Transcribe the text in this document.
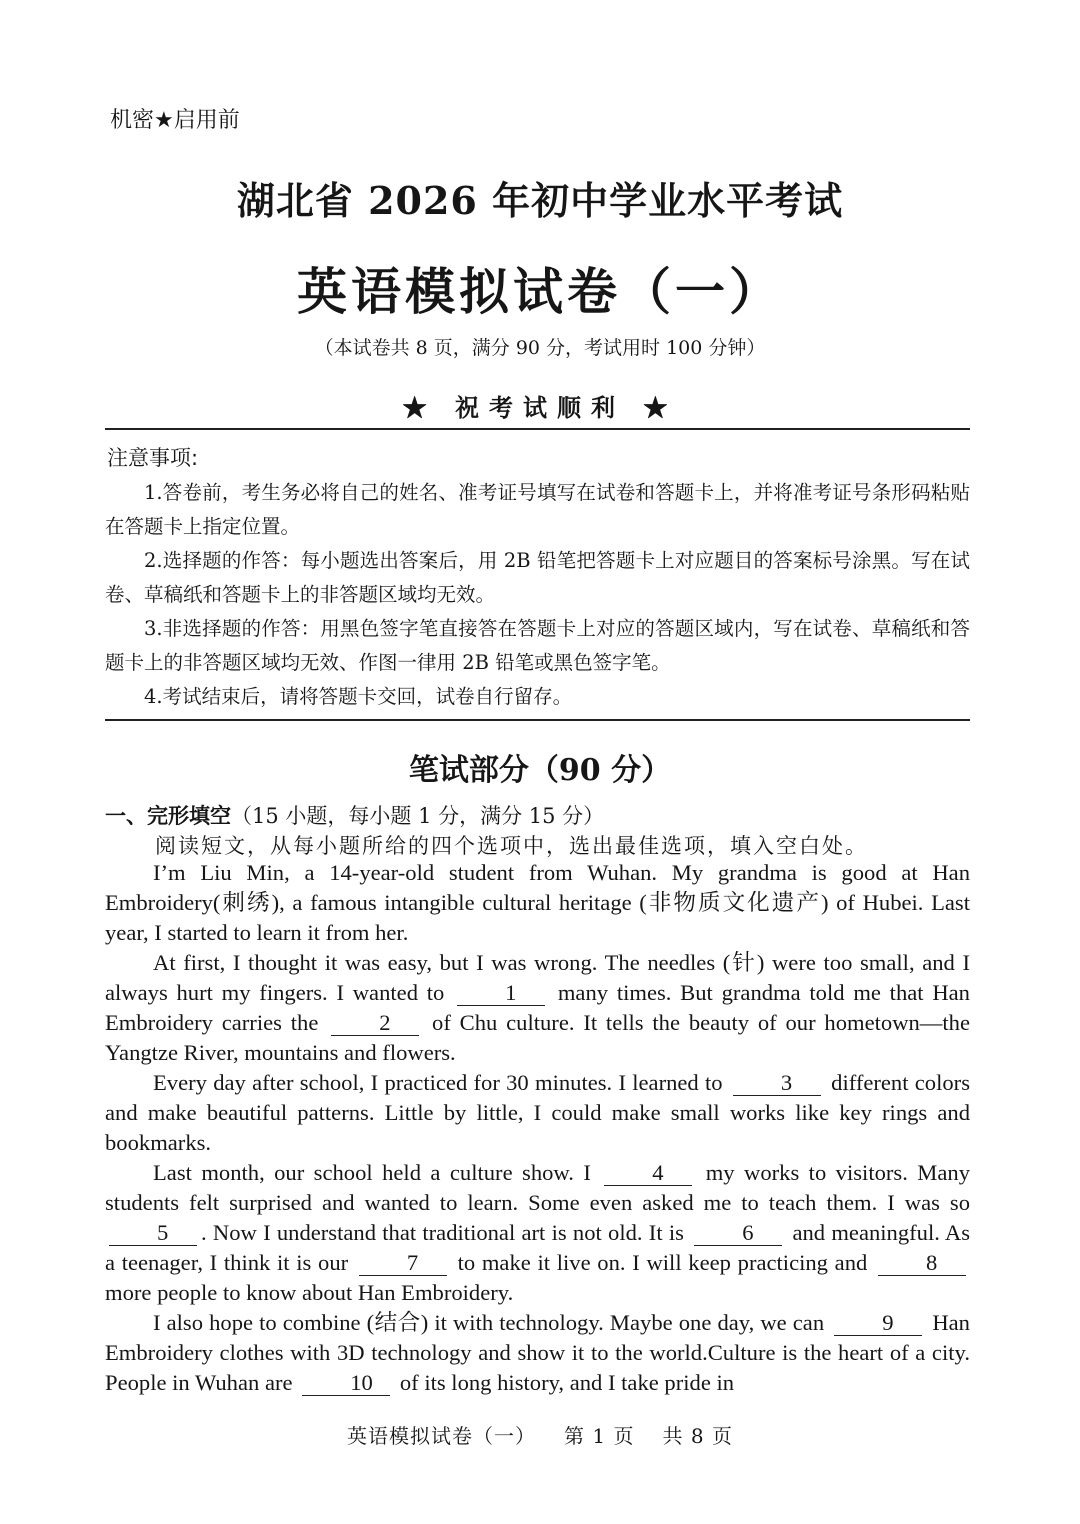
机密★启用前
湖北省 2026 年初中学业水平考试
英语模拟试卷（一）
（本试卷共 8 页，满分 90 分，考试用时 100 分钟）
★ 祝考试顺利 ★
注意事项:

1.答卷前，考生务必将自己的姓名、准考证号填写在试卷和答题卡上，并将准考证号条形码粘贴在答题卡上指定位置。

2.选择题的作答：每小题选出答案后，用 2B 铅笔把答题卡上对应题目的答案标号涂黑。写在试卷、草稿纸和答题卡上的非答题区域均无效。

3.非选择题的作答：用黑色签字笔直接答在答题卡上对应的答题区域内，写在试卷、草稿纸和答题卡上的非答题区域均无效、作图一律用 2B 铅笔或黑色签字笔。

4.考试结束后，请将答题卡交回，试卷自行留存。

笔试部分（90 分）
一、完形填空（15 小题，每小题 1 分，满分 15 分）
阅读短文，从每小题所给的四个选项中，选出最佳选项，填入空白处。

I’m Liu Min, a 14-year-old student from Wuhan. My grandma is good at Han Embroidery(刺绣), a famous intangible cultural heritage (非物质文化遗产) of Hubei. Last year, I started to learn it from her.

At first, I thought it was easy, but I was wrong. The needles (针) were too small, and I always hurt my fingers. I wanted to	1 many times. But grandma told me that Han Embroidery carries the	2 of Chu culture. It tells the beauty of our hometown—the Yangtze River, mountains and flowers.

Every day after school, I practiced for 30 minutes. I learned to	3 different colors and make beautiful patterns. Little by little, I could make small works like key rings and bookmarks.

Last month, our school held a culture show. I	4 my works to visitors. Many students felt surprised and wanted to learn. Some even asked me to teach them. I was so 5 . Now I understand that traditional art is not old. It is	6 and meaningful. As a teenager, I think it is our	7 to make it live on. I will keep practicing and	8 more people to know about Han Embroidery.

I also hope to combine (结合) it with technology. Maybe one day, we can	9 Han Embroidery clothes with 3D technology and show it to the world.Culture is the heart of a city. People in Wuhan are	10 of its long history, and I take pride in

英语模拟试卷（一） 第 1 页 共 8 页
